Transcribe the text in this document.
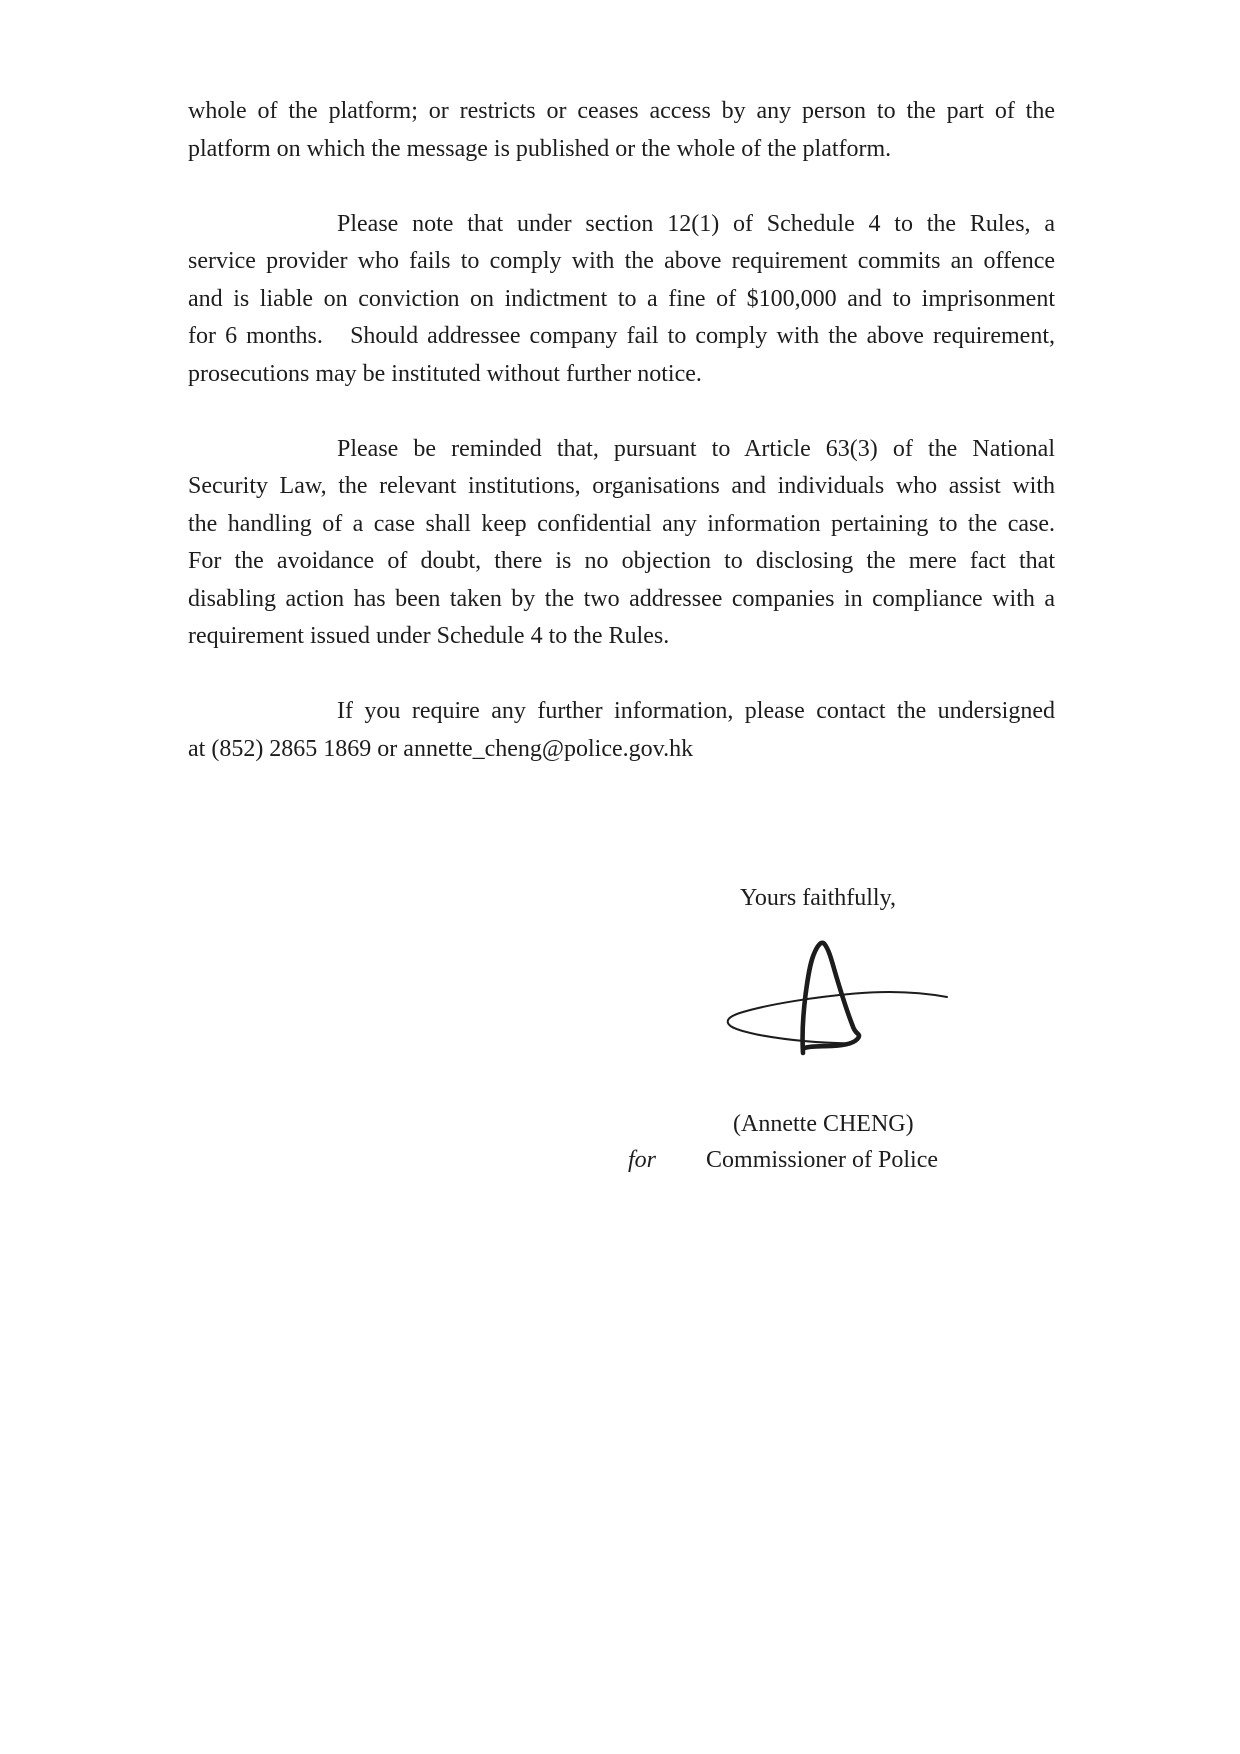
whole of the platform; or restricts or ceases access by any person to the part of the
platform on which the message is published or the whole of the platform.

Please note that under section 12(1) of Schedule 4 to the Rules, a
service provider who fails to comply with the above requirement commits an offence
and is liable on conviction on indictment to a fine of $100,000 and to imprisonment
for 6 months.   Should addressee company fail to comply with the above requirement,
prosecutions may be instituted without further notice.

Please be reminded that, pursuant to Article 63(3) of the National
Security Law, the relevant institutions, organisations and individuals who assist with
the handling of a case shall keep confidential any information pertaining to the case.
For the avoidance of doubt, there is no objection to disclosing the mere fact that
disabling action has been taken by the two addressee companies in compliance with a
requirement issued under Schedule 4 to the Rules.

If you require any further information, please contact the undersigned
at (852) 2865 1869 or annette_cheng@police.gov.hk

Yours faithfully,
(Annette CHENG)
for Commissioner of Police
